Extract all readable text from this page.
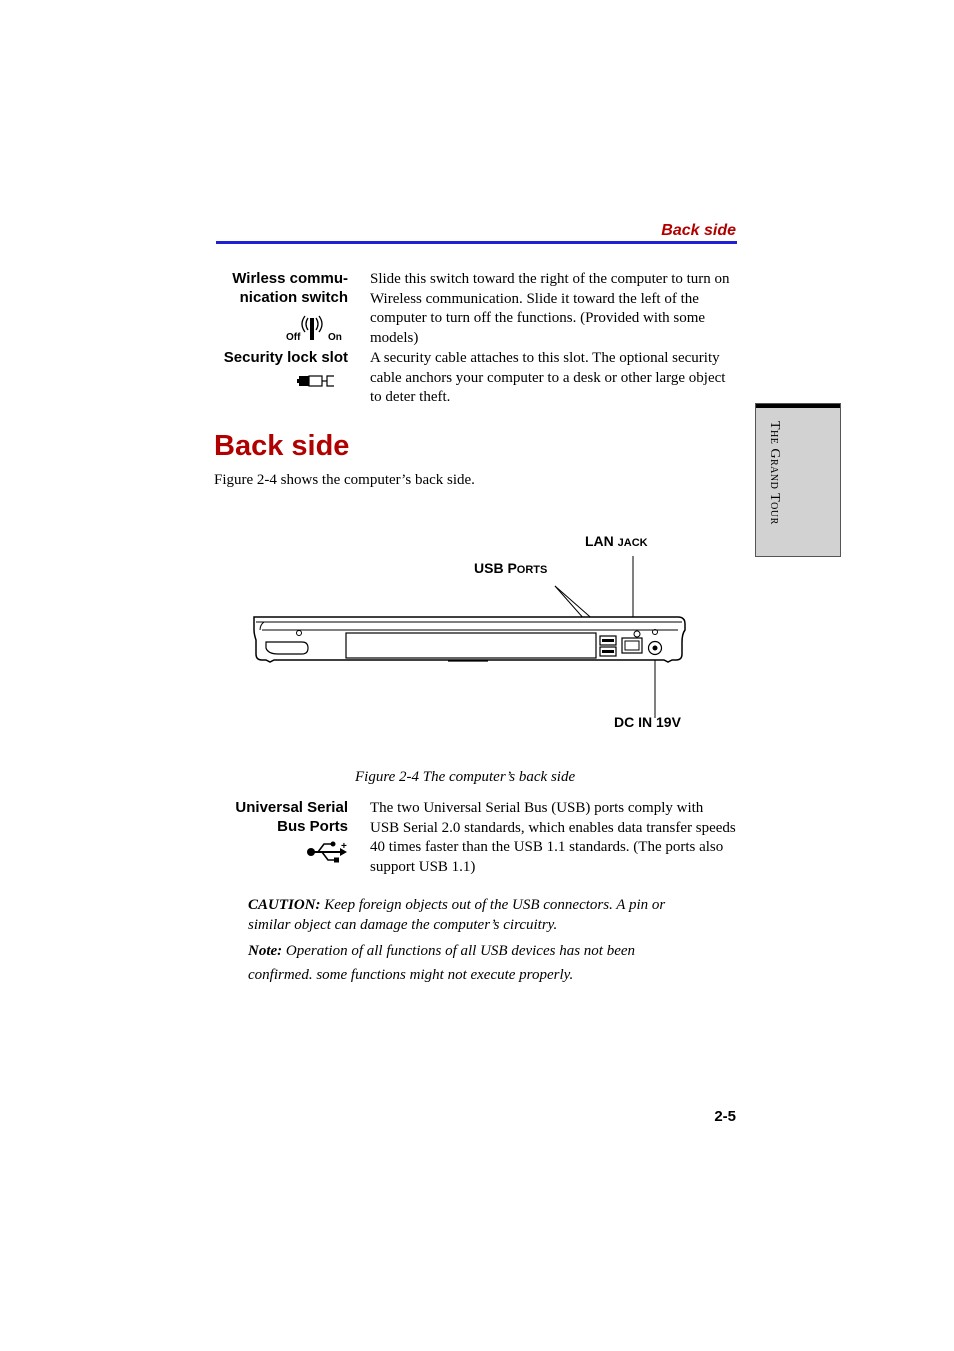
Back side
The Grand Tour
Wirless commu-
nication switch
Off	On
Slide this switch toward the right of the computer to turn on Wireless communication. Slide it toward the left of the computer to turn off the functions. (Provided with some models)
Security lock slot A security cable attaches to this slot. The optional security cable anchors your computer to a desk or other large object to deter theft.
Back side
Figure 2-4 shows the computer’s back side.
LAN JACK
USB PORTS
DC IN 19V
Figure 2-4 The computer’s back side
Universal Serial
Bus Ports
+
The two Universal Serial Bus (USB) ports comply with USB Serial 2.0 standards, which enables data transfer speeds 40 times faster than the USB 1.1 standards. (The ports also support USB 1.1)
CAUTION: Keep foreign objects out of the USB connectors. A pin or similar object can damage the computer’s circuitry.
Note: Operation of all functions of all USB devices has not been confirmed. some functions might not execute properly.
2-5
